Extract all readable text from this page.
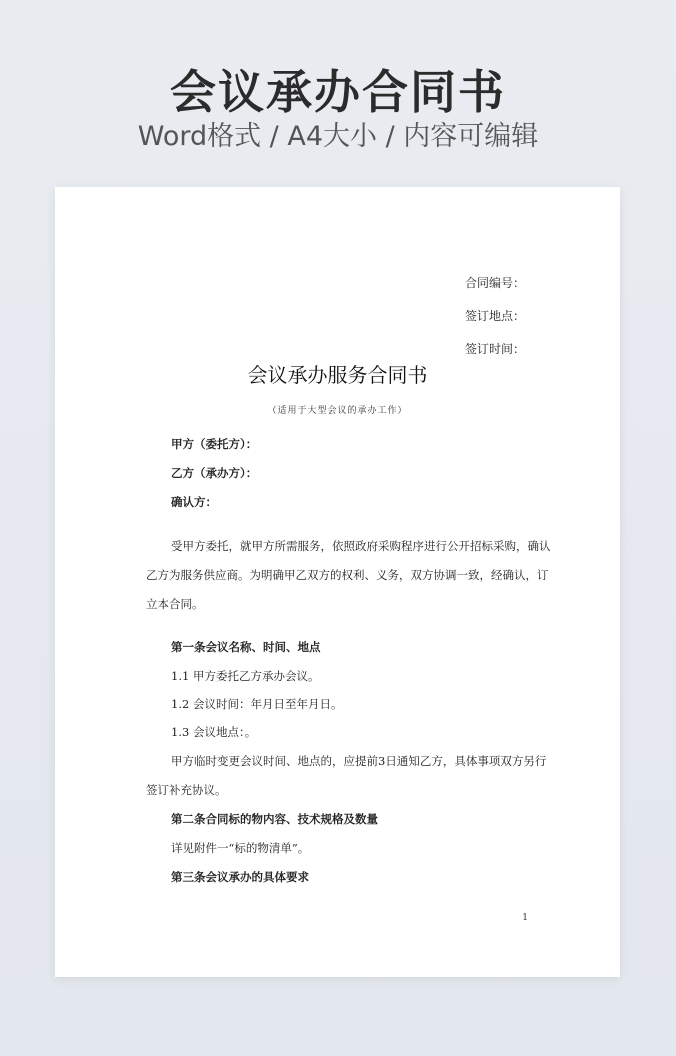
会议承办合同书
Word格式 / A4大小 / 内容可编辑
合同编号：
签订地点：
签订时间：
会议承办服务合同书
（适用于大型会议的承办工作）
甲方（委托方）：
乙方（承办方）：
确认方：
受甲方委托，就甲方所需服务，依照政府采购程序进行公开招标采购，确认
乙方为服务供应商。为明确甲乙双方的权利、义务，双方协调一致，经确认，订
立本合同。
第一条会议名称、时间、地点
1.1 甲方委托乙方承办会议。
1.2 会议时间：年月日至年月日。
1.3 会议地点：。
甲方临时变更会议时间、地点的，应提前3日通知乙方，具体事项双方另行
签订补充协议。
第二条合同标的物内容、技术规格及数量
详见附件一“标的物清单”。
第三条会议承办的具体要求
1
